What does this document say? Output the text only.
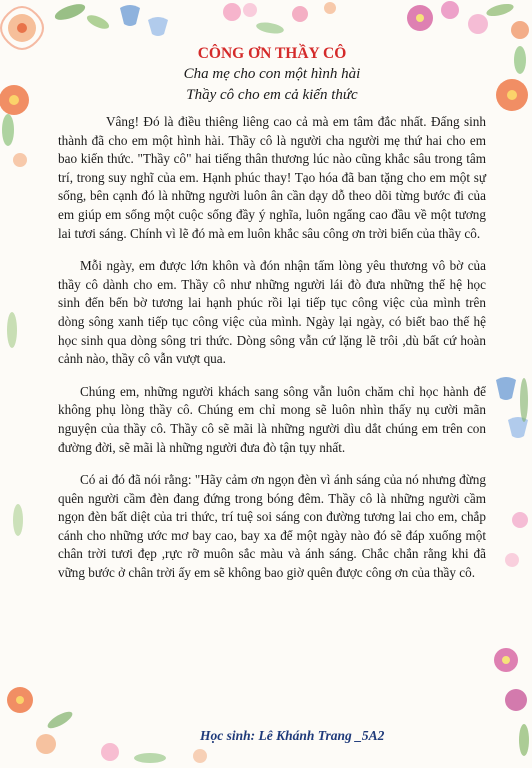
CÔNG ƠN THẦY CÔ

Cha mẹ cho con một hình hài

Thầy cô cho em cả kiến thức

Vâng! Đó là điều thiêng liêng cao cả mà em tâm đắc nhất. Đấng sinh thành đã cho em một hình hài. Thầy cô là người cha người mẹ thứ hai cho em bao kiến thức. "Thầy cô" hai tiếng thân thương lúc nào cũng khắc sâu trong tâm trí, trong suy nghĩ của em. Hạnh phúc thay! Tạo hóa đã ban tặng cho em một sự sống, bên cạnh đó là những người luôn ân cần dạy dỗ theo dõi từng bước đi của em giúp em sống một cuộc sống đầy ý nghĩa, luôn ngẩng cao đầu về một tương lai tươi sáng. Chính vì lẽ đó mà em luôn khắc sâu công ơn trời biển của thầy cô.

Mỗi ngày, em được lớn khôn và đón nhận tấm lòng yêu thương vô bờ của thầy cô dành cho em. Thầy cô như những người lái đò đưa những thế hệ học sinh đến bến bờ tương lai hạnh phúc rồi lại tiếp tục công việc của mình trên dòng sông xanh tiếp tục công việc của mình. Ngày lại ngày, có biết bao thế hệ học sinh qua dòng sông tri thức. Dòng sông vẫn cứ lặng lẽ trôi ,dù bất cứ hoàn cảnh nào, thầy cô vẫn vượt qua.

Chúng em, những người khách sang sông vẫn luôn chăm chỉ học hành để không phụ lòng thầy cô. Chúng em chỉ mong sẽ luôn nhìn thấy nụ cười mãn nguyện của thầy cô. Thầy cô sẽ mãi là những người dìu dắt chúng em trên con đường đời, sẽ mãi là những người đưa đò tận tụy nhất.

Có ai đó đã nói rằng: "Hãy cảm ơn ngọn đèn vì ánh sáng của nó nhưng đừng quên người cầm đèn đang đứng trong bóng đêm. Thầy cô là những người cầm ngọn đèn bất diệt của tri thức, trí tuệ soi sáng con đường tương lai cho em, chắp cánh cho những ước mơ bay cao, bay xa để một ngày nào đó sẽ đáp xuống một chân trời tươi đẹp ,rực rỡ muôn sắc màu và ánh sáng. Chắc chắn rằng khi đã vững bước ở chân trời ấy em sẽ không bao giờ quên được công ơn của thầy cô.

Học sinh: Lê Khánh Trang _5A2
